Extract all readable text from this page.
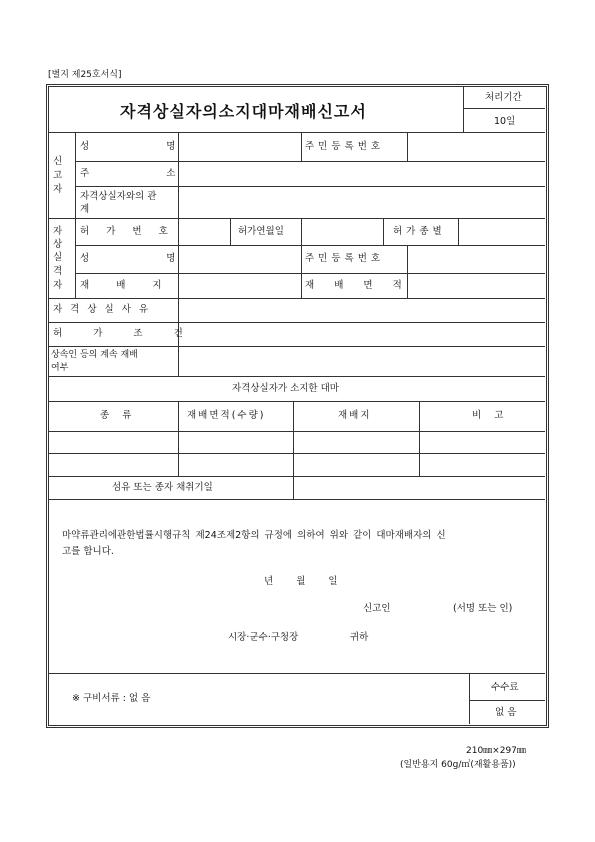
[별지 제25호서식]
자격상실자의소지대마재배신고서
처리기간
10일
신
고
자
성 명	주민등록번호
주 소
자격상실자와의 관
계
자
상
실
격
자
허 가 번 호	허가연월일	허가종별
성 명	주민등록번호
재 배 지	재 배 면 적
자격상실사유
허 가 조 건
상속인 등의 계속 재배
여부
자격상실자가 소지한 대마
종 류	재배면적(수량)	재배지	비 고
섬유 또는 종자 채취기일
마약류관리에관한법률시행규칙 제24조제2항의 규정에 의하여 위와 같이 대마재배자의 신
고를 합니다.
년 월 일
신고인	(서명 또는 인)
시장·군수·구청장	귀하
※ 구비서류 : 없 음
수수료
없 음
210㎜×297㎜
(일반용지 60g/㎡(재활용품))
